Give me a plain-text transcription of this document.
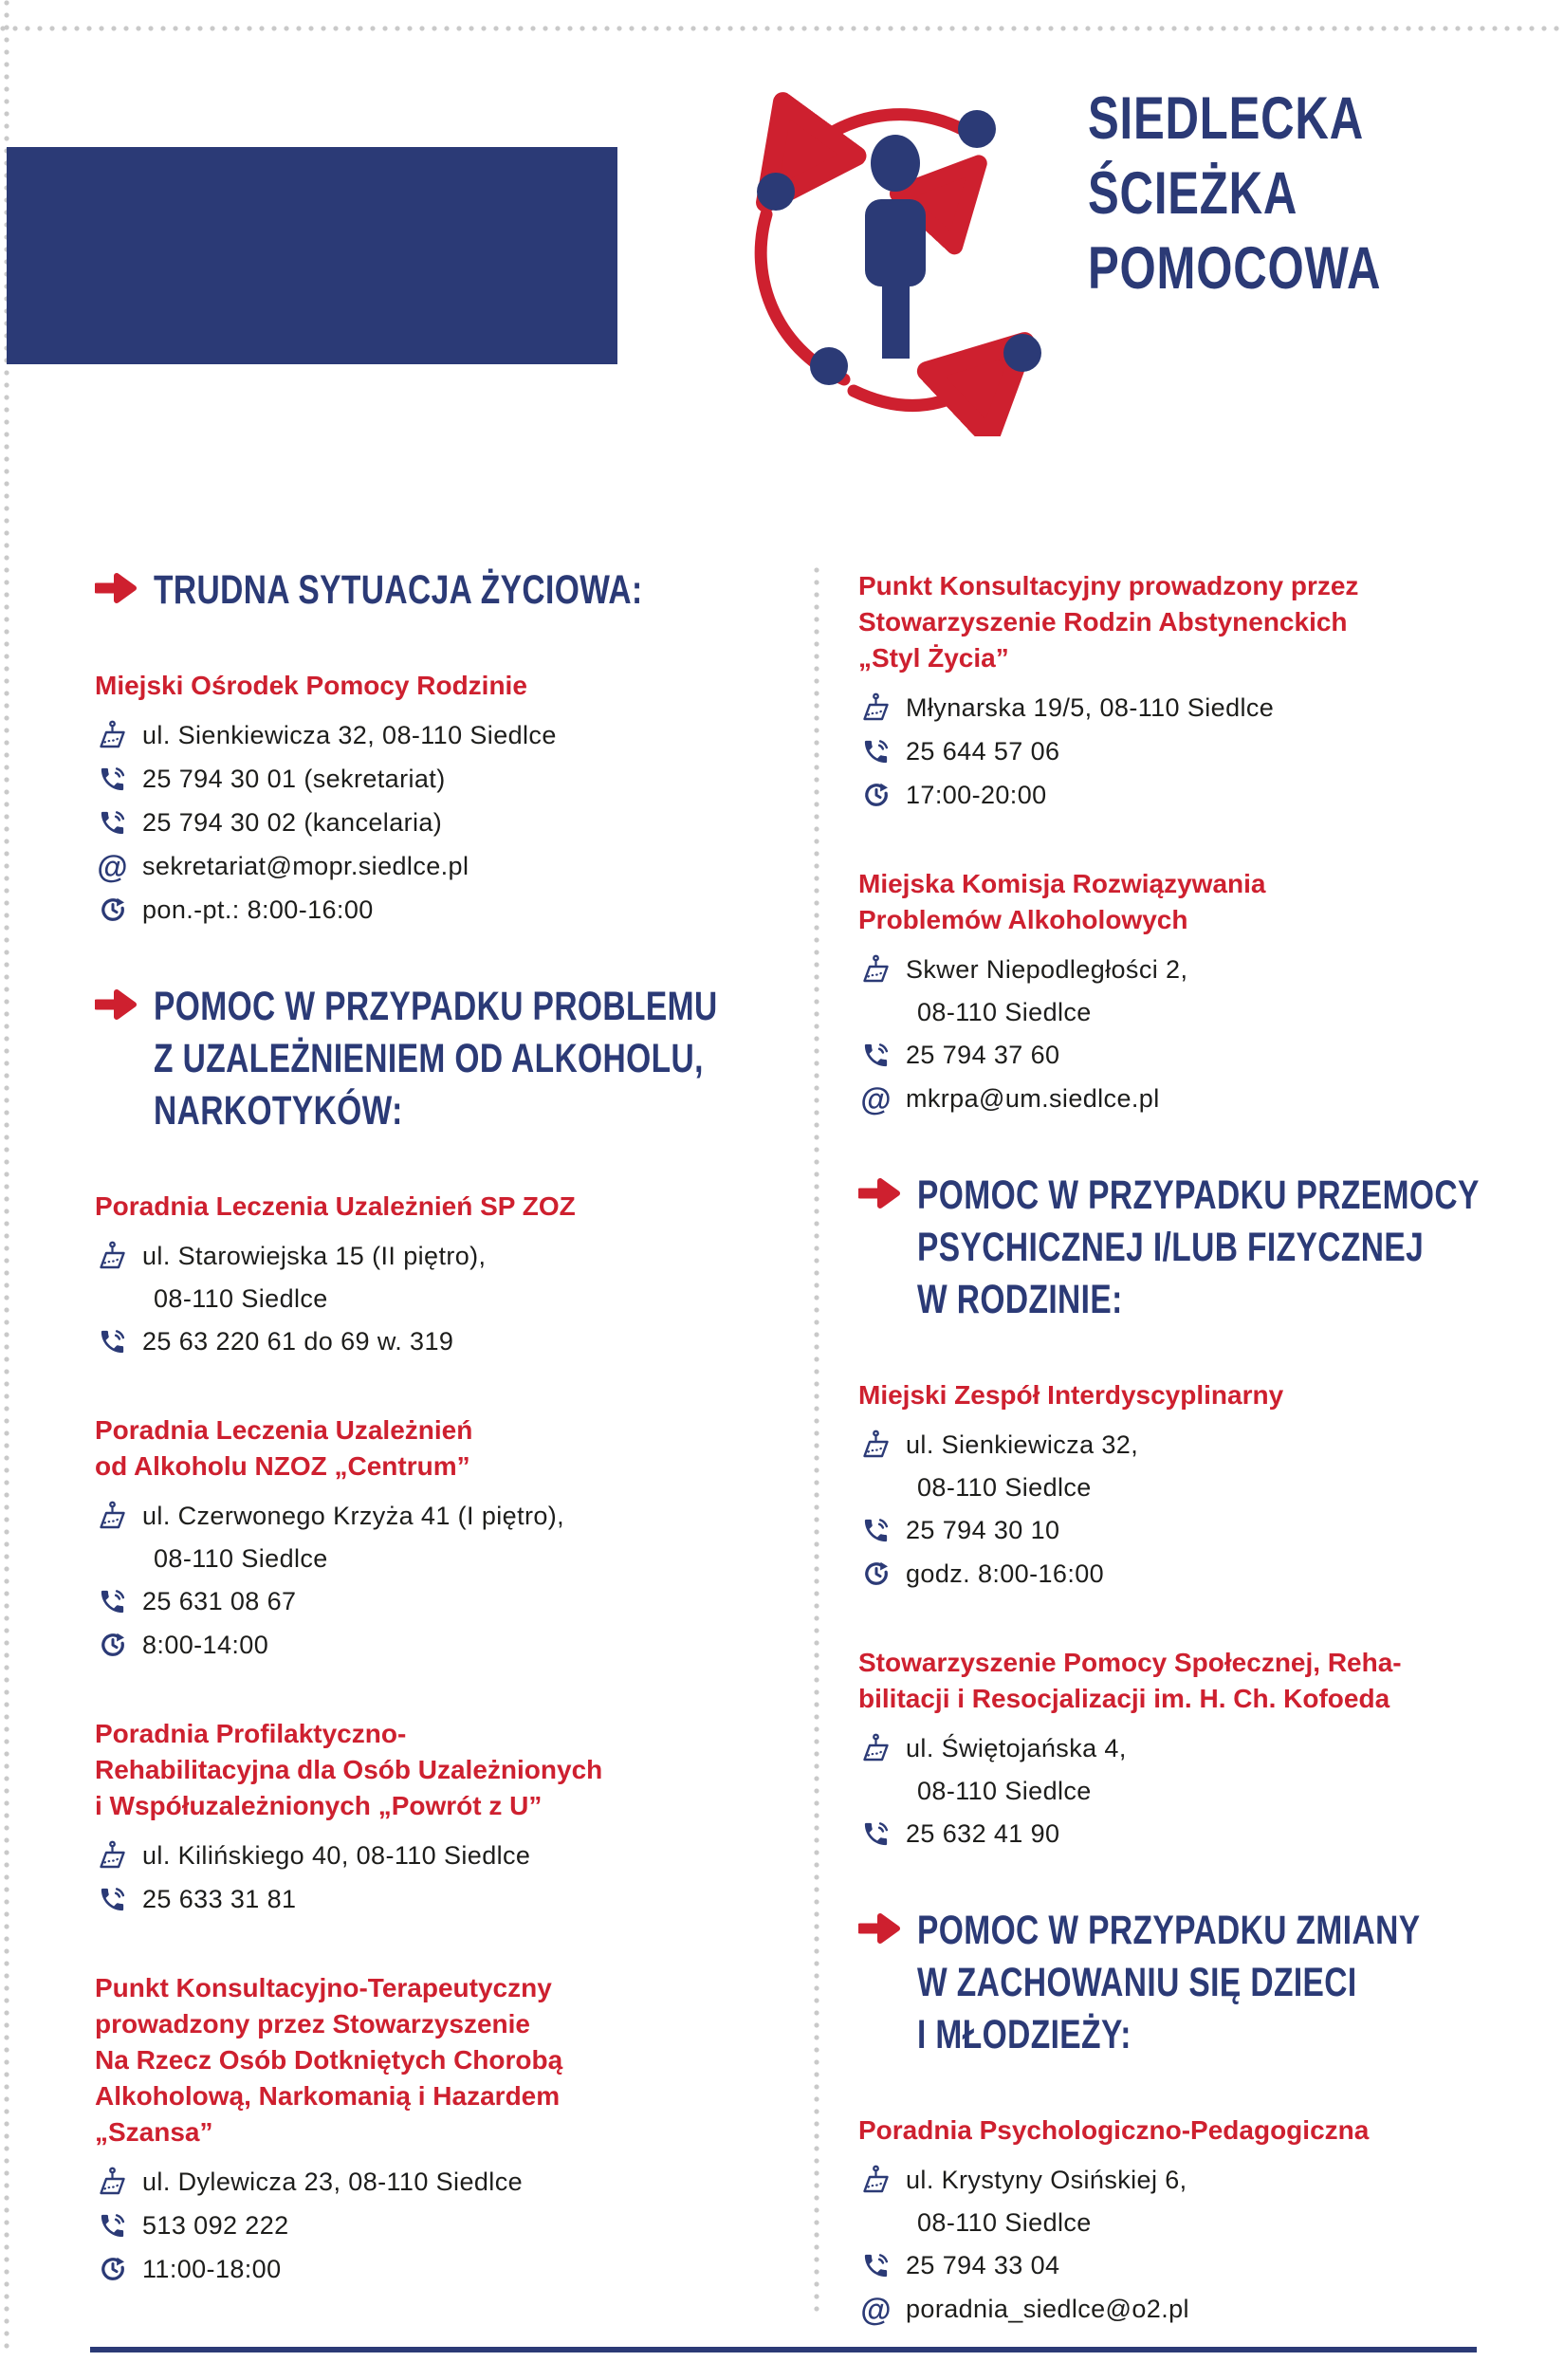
SIEDLECKA
ŚCIEŻKA
POMOCOWA
TRUDNA SYTUACJA ŻYCIOWA:
Miejski Ośrodek Pomocy Rodzinie
ul. Sienkiewicza 32, 08-110 Siedlce
25 794 30 01 (sekretariat)
25 794 30 02 (kancelaria)
@ sekretariat@mopr.siedlce.pl
pon.-pt.: 8:00-16:00
POMOC W PRZYPADKU PROBLEMU
Z UZALEŻNIENIEM OD ALKOHOLU,
NARKOTYKÓW:
Poradnia Leczenia Uzależnień SP ZOZ
ul. Starowiejska 15 (II piętro),
08-110 Siedlce
25 63 220 61 do 69 w. 319
Poradnia Leczenia Uzależnień
od Alkoholu NZOZ „Centrum”
ul. Czerwonego Krzyża 41 (I piętro),
08-110 Siedlce
25 631 08 67
8:00-14:00
Poradnia Profilaktyczno-
Rehabilitacyjna dla Osób Uzależnionych
i Współuzależnionych „Powrót z U”
ul. Kilińskiego 40, 08-110 Siedlce
25 633 31 81
Punkt Konsultacyjno-Terapeutyczny
prowadzony przez Stowarzyszenie
Na Rzecz Osób Dotkniętych Chorobą
Alkoholową, Narkomanią i Hazardem
„Szansa”
ul. Dylewicza 23, 08-110 Siedlce
513 092 222
11:00-18:00
Punkt Konsultacyjny prowadzony przez
Stowarzyszenie Rodzin Abstynenckich
„Styl Życia”
Młynarska 19/5, 08-110 Siedlce
25 644 57 06
17:00-20:00
Miejska Komisja Rozwiązywania
Problemów Alkoholowych
Skwer Niepodległości 2,
08-110 Siedlce
25 794 37 60
@ mkrpa@um.siedlce.pl
POMOC W PRZYPADKU PRZEMOCY
PSYCHICZNEJ I/LUB FIZYCZNEJ
W RODZINIE:
Miejski Zespół Interdyscyplinarny
ul. Sienkiewicza 32,
08-110 Siedlce
25 794 30 10
godz. 8:00-16:00
Stowarzyszenie Pomocy Społecznej, Reha-
bilitacji i Resocjalizacji im. H. Ch. Kofoeda
ul. Świętojańska 4,
08-110 Siedlce
25 632 41 90
POMOC W PRZYPADKU ZMIANY
W ZACHOWANIU SIĘ DZIECI
I MŁODZIEŻY:
Poradnia Psychologiczno-Pedagogiczna
ul. Krystyny Osińskiej 6,
08-110 Siedlce
25 794 33 04
@ poradnia_siedlce@o2.pl
